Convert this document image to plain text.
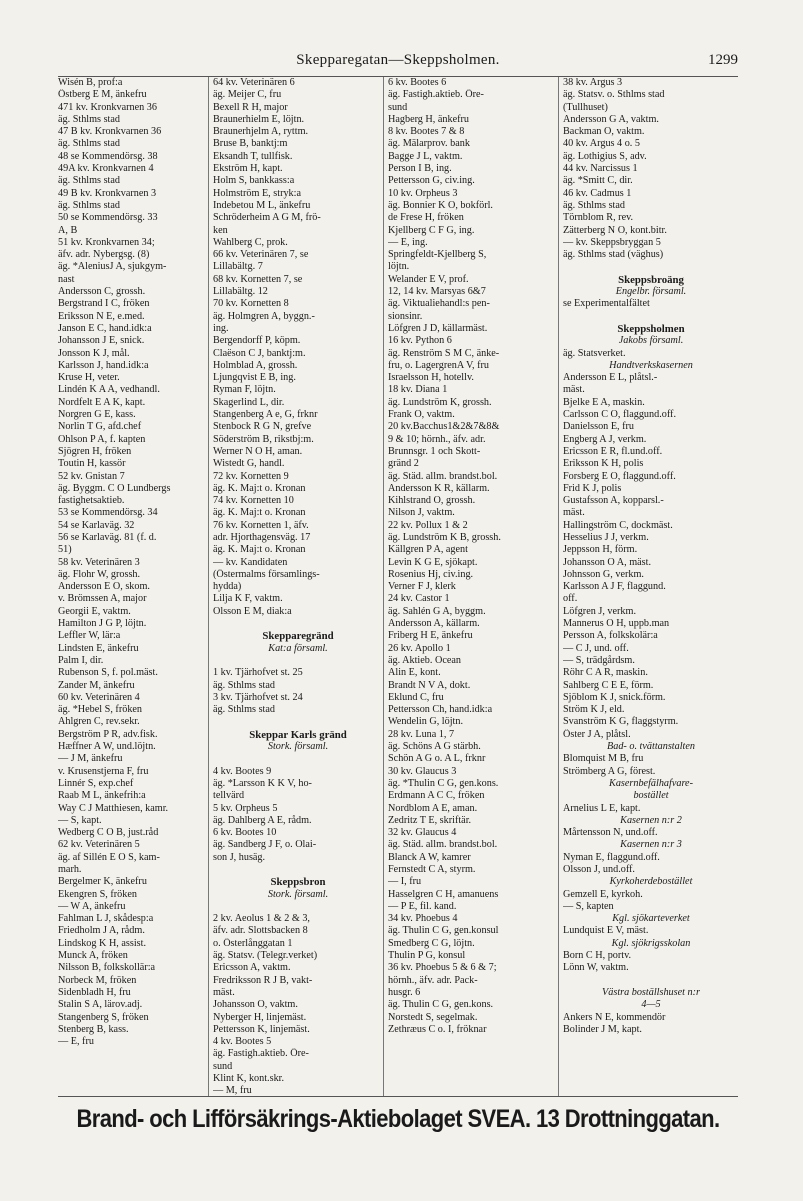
Skepparegatan—Skeppsholmen.	1299
Wisén B, prof:a
Östberg E M, änkefru
471 kv. Kronkvarnen 36
äg. Sthlms stad
47 B kv. Kronkvarnen 36
äg. Sthlms stad
48 se Kommendörsg. 38
49A kv. Kronkvarnen 4
äg. Sthlms stad
49 B kv. Kronkvarnen 3
äg. Sthlms stad
50 se Kommendörsg. 33
A, B
51 kv. Kronkvarnen 34;
äfv. adr. Nybergsg. (8)
äg. *AleniusJ A, sjukgym-
nast
Andersson C, grossh.
Bergstrand I C, fröken
Eriksson N E, e.med.
Janson E C, hand.idk:a
Johansson J E, snick.
Jonsson K J, mål.
Karlsson J, hand.idk:a
Kruse H, veter.
Lindén K A A, vedhandl.
Nordfelt E A K, kapt.
Norgren G E, kass.
Norlin T G, afd.chef
Ohlson P A, f. kapten
Sjögren H, fröken
Toutin H, kassör
52 kv. Gnistan 7
äg. Byggm. C O Lundbergs
fastighetsaktieb.
53 se Kommendörsg. 34
54 se Karlaväg. 32
56 se Karlaväg. 81 (f. d.
51)
58 kv. Veterinären 3
äg. Flohr W, grossh.
Andersson E O, skom.
v. Brömssen A, major
Georgii E, vaktm.
Hamilton J G P, löjtn.
Leffler W, lär:a
Lindsten E, änkefru
Palm I, dir.
Rubenson S, f. pol.mäst.
Zander M, änkefru
60 kv. Veterinären 4
äg. *Hebel S, fröken
Ahlgren C, rev.sekr.
Bergström P R, adv.fisk.
Hæffner A W, und.löjtn.
— J M, änkefru
v. Krusenstjerna F, fru
Linnér S, exp.chef
Raab M L, änkefrih:a
Way C J Matthiesen, kamr.
— S, kapt.
Wedberg C O B, just.råd
62 kv. Veterinären 5
äg. af Sillén E O S, kam-
marh.
Bergelmer K, änkefru
Ekengren S, fröken
— W A, änkefru
Fahlman L J, skådesp:a
Friedholm J A, rådm.
Lindskog K H, assist.
Munck A, fröken
Nilsson B, folkskollär:a
Norbeck M, fröken
Sidenbladh H, fru
Stalin S A, lärov.adj.
Stangenberg S, fröken
Stenberg B, kass.
— E, fru
64 kv. Veterinären 6
äg. Meijer C, fru
Bexell R H, major
Braunerhielm E, löjtn.
Braunerhjelm A, ryttm.
Bruse B, banktj:m
Eksandh T, tullfisk.
Ekström H, kapt.
Holm S, bankkass:a
Holmström E, stryk:a
Indebetou M L, änkefru
Schröderheim A G M, frö-
ken
Wahlberg C, prok.
66 kv. Veterinären 7, se
Lillabältg. 7
68 kv. Kornetten 7, se
Lillabältg. 12
70 kv. Kornetten 8
äg. Holmgren A, byggn.-
ing.
Bergendorff P, köpm.
Claëson C J, banktj:m.
Holmblad A, grossh.
Ljungqvist E B, ing.
Ryman F, löjtn.
Skagerlind L, dir.
Stangenberg A e, G, frknr
Stenbock R G N, grefve
Söderström B, rikstbj:m.
Werner N O H, aman.
Wistedt G, handl.
72 kv. Kornetten 9
äg. K. Maj:t o. Kronan
74 kv. Kornetten 10
äg. K. Maj:t o. Kronan
76 kv. Kornetten 1, äfv.
adr. Hjorthagensväg. 17
äg. K. Maj:t o. Kronan
— kv. Kandidaten
(Östermalms församlings-
hydda)
Lilja K F, vaktm.
Olsson E M, diak:a

Skepparegränd
Kat:a församl.

1 kv. Tjärhofvet st. 25
äg. Sthlms stad
3 kv. Tjärhofvet st. 24
äg. Sthlms stad

Skeppar Karls gränd
Stork. församl.

4 kv. Bootes 9
äg. *Larsson K K V, ho-
tellvärd
5 kv. Orpheus 5
äg. Dahlberg A E, rådm.
6 kv. Bootes 10
äg. Sandberg J F, o. Olai-
son J, husäg.

Skeppsbron
Stork. församl.

2 kv. Aeolus 1 & 2 & 3,
äfv. adr. Slottsbacken 8
o. Österlånggatan 1
äg. Statsv. (Telegr.verket)
Ericsson A, vaktm.
Fredriksson R J B, vakt-
mäst.
Johansson O, vaktm.
Nyberger H, linjemäst.
Pettersson K, linjemäst.
4 kv. Bootes 5
äg. Fastigh.aktieb. Öre-
sund
Klint K, kont.skr.
— M, fru
6 kv. Bootes 6
äg. Fastigh.aktieb. Öre-
sund
Hagberg H, änkefru
8 kv. Bootes 7 & 8
äg. Mälarprov. bank
Bagge J L, vaktm.
Person I B, ing.
Pettersson G, civ.ing.
10 kv. Orpheus 3
äg. Bonnier K O, bokförl.
de Frese H, fröken
Kjellberg C F G, ing.
— E, ing.
Springfeldt-Kjellberg S,
löjtn.
Welander E V, prof.
12, 14 kv. Marsyas 6&7
äg. Viktualiehandl:s pen-
sionsinr.
Löfgren J D, källarmäst.
16 kv. Python 6
äg. Renström S M C, änke-
fru, o. LagergrenA V, fru
Israelsson H, hotellv.
18 kv. Diana 1
äg. Lundström K, grossh.
Frank O, vaktm.
20 kv.Bacchus1&2&7&8&
9 & 10; hörnh., äfv. adr.
Brunnsgr. 1 och Skott-
gränd 2
äg. Städ. allm. brandst.bol.
Andersson K R, källarm.
Kihlstrand O, grossh.
Nilson J, vaktm.
22 kv. Pollux 1 & 2
äg. Lundström K B, grossh.
Källgren P A, agent
Levin K G E, sjökapt.
Rosenius Hj, civ.ing.
Verner F J, klerk
24 kv. Castor 1
äg. Sahlén G A, byggm.
Andersson A, källarm.
Friberg H E, änkefru
26 kv. Apollo 1
äg. Aktieb. Ocean
Alin E, kont.
Brandt N V A, dokt.
Eklund C, fru
Pettersson Ch, hand.idk:a
Wendelin G, löjtn.
28 kv. Luna 1, 7
äg. Schöns A G stärbh.
Schön A G o. A L, frknr
30 kv. Glaucus 3
äg. *Thulin C G, gen.kons.
Erdmann A C C, fröken
Nordblom A E, aman.
Zedritz T E, skriftär.
32 kv. Glaucus 4
äg. Städ. allm. brandst.bol.
Blanck A W, kamrer
Fernstedt C A, styrm.
— I, fru
Hasselgren C H, amanuens
— P E, fil. kand.
34 kv. Phoebus 4
äg. Thulin C G, gen.konsul
Smedberg C G, löjtn.
Thulin P G, konsul
36 kv. Phoebus 5 & 6 & 7;
hörnh., äfv. adr. Pack-
husgr. 6
äg. Thulin C G, gen.kons.
Norstedt S, segelmak.
Zethræus C o. I, fröknar
38 kv. Argus 3
äg. Statsv. o. Sthlms stad
(Tullhuset)
Andersson G A, vaktm.
Backman O, vaktm.
40 kv. Argus 4 o. 5
äg. Lothigius S, adv.
44 kv. Narcissus 1
äg. *Smitt C, dir.
46 kv. Cadmus 1
äg. Sthlms stad
Törnblom R, rev.
Zätterberg N O, kont.bitr.
— kv. Skeppsbryggan 5
äg. Sthlms stad (väghus)

Skeppsbroäng
Engelbr. församl.
se Experimentalfältet

Skeppsholmen
Jakobs församl.
äg. Statsverket.
Handtverkskasernen
Andersson E L, plåtsl.-
mäst.
Bjelke E A, maskin.
Carlsson C O, flaggund.off.
Danielsson E, fru
Engberg A J, verkm.
Ericsson E R, fl.und.off.
Eriksson K H, polis
Forsberg E O, flaggund.off.
Frid K J, polis
Gustafsson A, kopparsl.-
mäst.
Hallingström C, dockmäst.
Hesselius J J, verkm.
Jeppsson H, förm.
Johansson O A, mäst.
Johnsson G, verkm.
Karlsson A J F, flaggund.
off.
Löfgren J, verkm.
Mannerus O H, uppb.man
Persson A, folkskolär:a
— C J, und. off.
— S, trädgårdsm.
Röhr C A R, maskin.
Sahlberg C E E, förm.
Sjöblom K J, snick.förm.
Ström K J, eld.
Svanström K G, flaggstyrm.
Öster J A, plåtsl.
Bad- o. tvättanstalten
Blomquist M B, fru
Strömberg A G, förest.
Kasernbefälhafvare-
bostället
Arnelius L E, kapt.
Kasernen n:r 2
Mårtensson N, und.off.
Kasernen n:r 3
Nyman E, flaggund.off.
Olsson J, und.off.
Kyrkoherdebostället
Gemzell E, kyrkoh.
— S, kapten
Kgl. sjökarteverket
Lundquist E V, mäst.
Kgl. sjökrigsskolan
Born C H, portv.
Lönn W, vaktm.

Västra boställshuset n:r
4—5
Ankers N E, kommendör
Bolinder J M, kapt.
Brand- och Lifförsäkrings-Aktiebolaget SVEA. 13 Drottninggatan.
